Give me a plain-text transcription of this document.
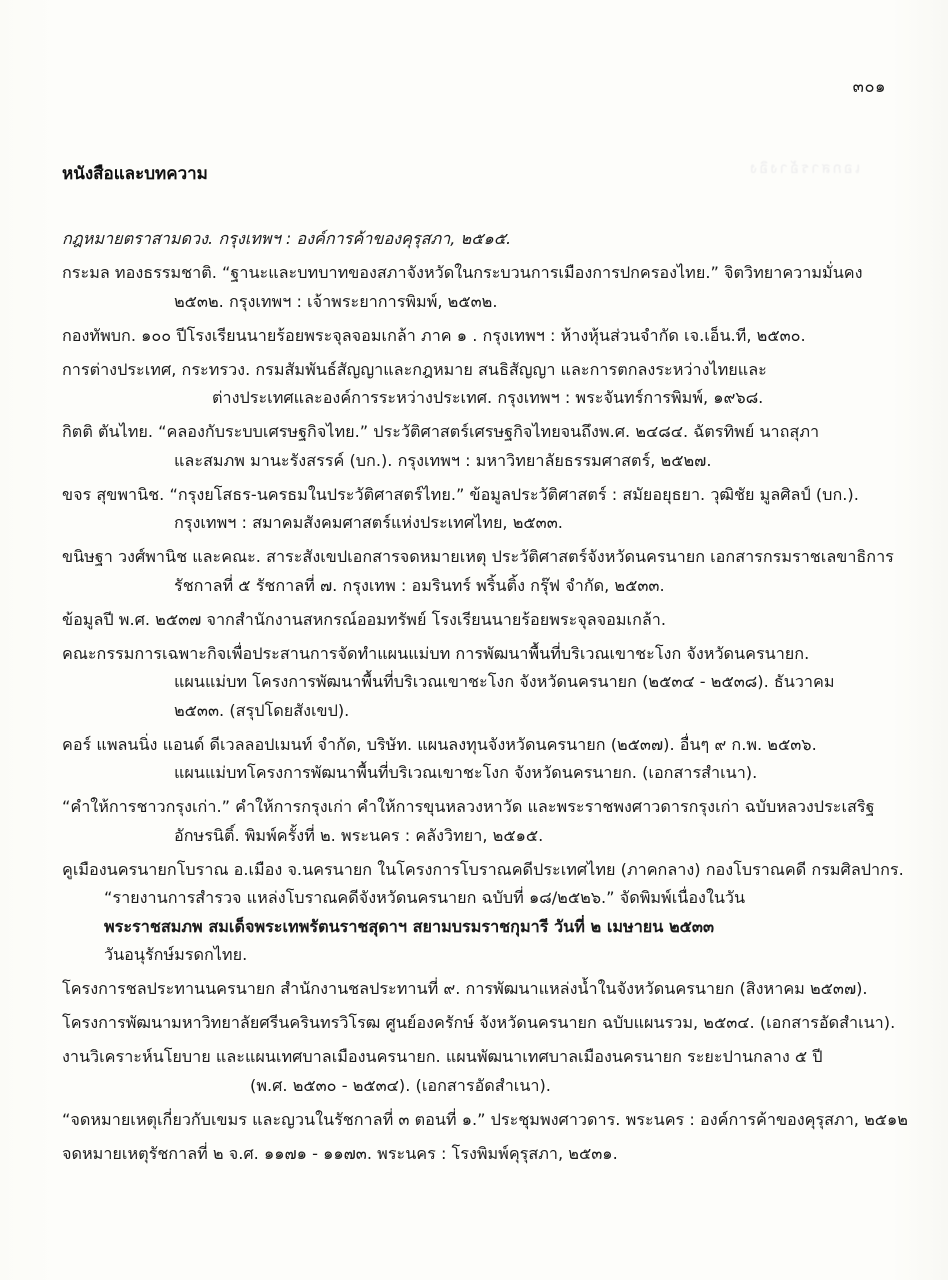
๓๐๑
เอกสารอ้างอิง
หนังสือและบทความ
กฎหมายตราสามดวง. กรุงเทพฯ : องค์การค้าของคุรุสภา, ๒๕๑๕.
กระมล ทองธรรมชาติ. “ฐานะและบทบาทของสภาจังหวัดในกระบวนการเมืองการปกครองไทย.” จิตวิทยาความมั่นคง
๒๕๓๒. กรุงเทพฯ : เจ้าพระยาการพิมพ์, ๒๕๓๒.
กองทัพบก. ๑๐๐ ปีโรงเรียนนายร้อยพระจุลจอมเกล้า ภาค ๑ . กรุงเทพฯ : ห้างหุ้นส่วนจำกัด เจ.เอ็น.ที, ๒๕๓๐.
การต่างประเทศ, กระทรวง. กรมสัมพันธ์สัญญาและกฎหมาย สนธิสัญญา และการตกลงระหว่างไทยและ
ต่างประเทศและองค์การระหว่างประเทศ. กรุงเทพฯ : พระจันทร์การพิมพ์, ๑๙๖๘.
กิตติ ตันไทย. “คลองกับระบบเศรษฐกิจไทย.” ประวัติศาสตร์เศรษฐกิจไทยจนถึงพ.ศ. ๒๔๘๔. ฉัตรทิพย์ นาถสุภา
และสมภพ มานะรังสรรค์ (บก.). กรุงเทพฯ : มหาวิทยาลัยธรรมศาสตร์, ๒๕๒๗.
ขจร สุขพานิช. “กรุงยโสธร-นครธมในประวัติศาสตร์ไทย.” ข้อมูลประวัติศาสตร์ : สมัยอยุธยา. วุฒิชัย มูลศิลป์ (บก.).
กรุงเทพฯ : สมาคมสังคมศาสตร์แห่งประเทศไทย, ๒๕๓๓.
ขนิษฐา วงศ์พานิช และคณะ. สาระสังเขปเอกสารจดหมายเหตุ ประวัติศาสตร์จังหวัดนครนายก เอกสารกรมราชเลขาธิการ
รัชกาลที่ ๕ รัชกาลที่ ๗. กรุงเทพ : อมรินทร์ พริ้นติ้ง กรุ๊ฟ จำกัด, ๒๕๓๓.
ข้อมูลปี พ.ศ. ๒๕๓๗ จากสำนักงานสหกรณ์ออมทรัพย์ โรงเรียนนายร้อยพระจุลจอมเกล้า.
คณะกรรมการเฉพาะกิจเพื่อประสานการจัดทำแผนแม่บท การพัฒนาพื้นที่บริเวณเขาชะโงก จังหวัดนครนายก.
แผนแม่บท โครงการพัฒนาพื้นที่บริเวณเขาชะโงก จังหวัดนครนายก (๒๕๓๔ - ๒๕๓๘). ธันวาคม
๒๕๓๓. (สรุปโดยสังเขป).
คอร์ แพลนนิ่ง แอนด์ ดีเวลลอปเมนท์ จำกัด, บริษัท. แผนลงทุนจังหวัดนครนายก (๒๕๓๗). อื่นๆ ๙ ก.พ. ๒๕๓๖.
แผนแม่บทโครงการพัฒนาพื้นที่บริเวณเขาชะโงก จังหวัดนครนายก. (เอกสารสำเนา).
“คำให้การชาวกรุงเก่า.” คำให้การกรุงเก่า คำให้การขุนหลวงหาวัด และพระราชพงศาวดารกรุงเก่า ฉบับหลวงประเสริฐ
อักษรนิติ์. พิมพ์ครั้งที่ ๒. พระนคร : คลังวิทยา, ๒๕๑๕.
คูเมืองนครนายกโบราณ อ.เมือง จ.นครนายก ในโครงการโบราณคดีประเทศไทย (ภาคกลาง) กองโบราณคดี กรมศิลปากร.
“รายงานการสำรวจ แหล่งโบราณคดีจังหวัดนครนายก ฉบับที่ ๑๘/๒๕๒๖.” จัดพิมพ์เนื่องในวัน
พระราชสมภพ สมเด็จพระเทพรัตนราชสุดาฯ สยามบรมราชกุมารี วันที่ ๒ เมษายน ๒๕๓๓
วันอนุรักษ์มรดกไทย.
โครงการชลประทานนครนายก สำนักงานชลประทานที่ ๙. การพัฒนาแหล่งน้ำในจังหวัดนครนายก (สิงหาคม ๒๕๓๗).
โครงการพัฒนามหาวิทยาลัยศรีนครินทรวิโรฒ ศูนย์องครักษ์ จังหวัดนครนายก ฉบับแผนรวม, ๒๕๓๔. (เอกสารอัดสำเนา).
งานวิเคราะห์นโยบาย และแผนเทศบาลเมืองนครนายก. แผนพัฒนาเทศบาลเมืองนครนายก ระยะปานกลาง ๕ ปี
(พ.ศ. ๒๕๓๐ - ๒๕๓๔). (เอกสารอัดสำเนา).
“จดหมายเหตุเกี่ยวกับเขมร และญวนในรัชกาลที่ ๓ ตอนที่ ๑.” ประชุมพงศาวดาร. พระนคร : องค์การค้าของคุรุสภา, ๒๕๑๒
จดหมายเหตุรัชกาลที่ ๒ จ.ศ. ๑๑๗๑ - ๑๑๗๓. พระนคร : โรงพิมพ์คุรุสภา, ๒๕๓๑.
